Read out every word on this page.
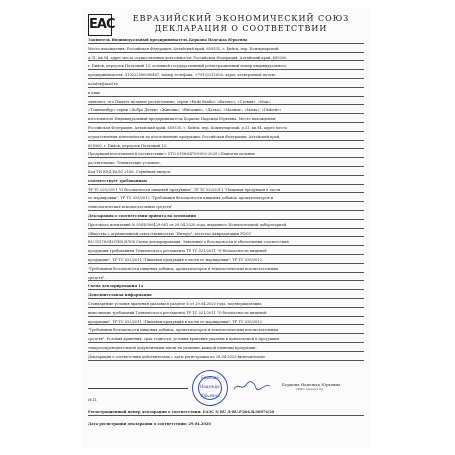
EAC	ЕВРАЗИЙСКИЙ ЭКОНОМИЧЕСКИЙ СОЮЗ
ДЕКЛАРАЦИЯ О СООТВЕТСТВИИ
Заявитель Индивидуальный предприниматель Боркова Надежда Юрьевна
Место нахождения: Российская Федерация, Алтайский край, 659335, г. Бийск, пер. Коммунарский,
д.31, кв.94, адрес места осуществления деятельности: Российская Федерация, Алтайский край, 659300,
г. Бийск, переулок Почтовый 13, основной государственный регистрационный номер индивидуального
предпринимателя: 319222500090467, номер телефона: +79132211620, адрес электронной почты:
natalex@mail.ru
в лице
заявляет, что Паштет цельные растительные, серии «Eniki Beniki» «Фитнес», «Стевия», «Мак»,
«Топинамбур» серии «Добро Детям» «Живчик», «Витамин», «Детка», «Малыш», «Мама», «Diabetic»
изготовитель Индивидуальный предприниматель Боркова Надежда Юрьевна. Место нахождения:
Российская Федерация, Алтайский край, 659335, г. Бийск, пер. Коммунарский, д.31, кв.94, адрес места
осуществления деятельности по изготовлению продукции: Российская Федерация, Алтайский край,
659300, г. Бийск, переулок Почтовый 13.
Продукция изготовлена в соответствии с СТО 0196-64709-002-2020 «Паштеты цельные
растительные. Технические условия».
Код ТН ВЭД ЕАЭС 2106, Серийный выпуск
соответствует требованиям
ТР ТС 021/2011 "О безопасности пищевой продукции", ТР ТС 022/2011 "Пищевая продукция в части
ее маркировки", ТР ТС 029/2012 "Требования безопасности пищевых добавок, ароматизаторов и
технологических вспомогательных средств"
Декларация о соответствии принята на основании
Протокола испытаний № 93/Н/000429-001 от 29.04.2020 года, выданного Испытательной лабораторией
Общество с ограниченной ответственностью "Интеро", аттестат аккредитации РОСС
RU.31578.04ОЛН0.ИЛ08 Схема декларирования. Заявление о безопасности и обеспечении соответствия
продукции требованиям Технического регламента ТР ТС 021/2011 "О безопасности пищевой
продукции", ТР ТС 022/2011 "Пищевая продукция в части ее маркировки", ТР ТС 029/2012
"Требования безопасности пищевых добавок, ароматизаторов и технологических вспомогательных
средств".
Схема декларирования 1д
Дополнительная информация
Стандартные условия хранения указаны в разделе 6 от 29.04.2020 года, подтверждающих
выполнение требований Технического регламента ТР ТС 021/2011 "О безопасности пищевой
продукции", ТР ТС 022/2011 "Пищевая продукция в части ее маркировки", ТР ТС 029/2012
"Требования безопасности пищевых добавок, ароматизаторов и технологических вспомогательных
средств". Условия хранения, срок годности, условия хранения указаны в прилагаемой к продукции
товаросопроводительной документации и/или на упаковке каждой единицы продукции.
Декларация о соответствии действительна с даты регистрации по 28.04.2025 включительно
Боркова
Надежда
Юрьевна
Боркова Надежда Юрьевна
(ФИО заявителя)
М.П.
Регистрационный номер декларации о соответствии: ЕАЭС N RU Д-RU.РД04.В.06874/20
Дата регистрации декларации о соответствии: 29.04.2020
